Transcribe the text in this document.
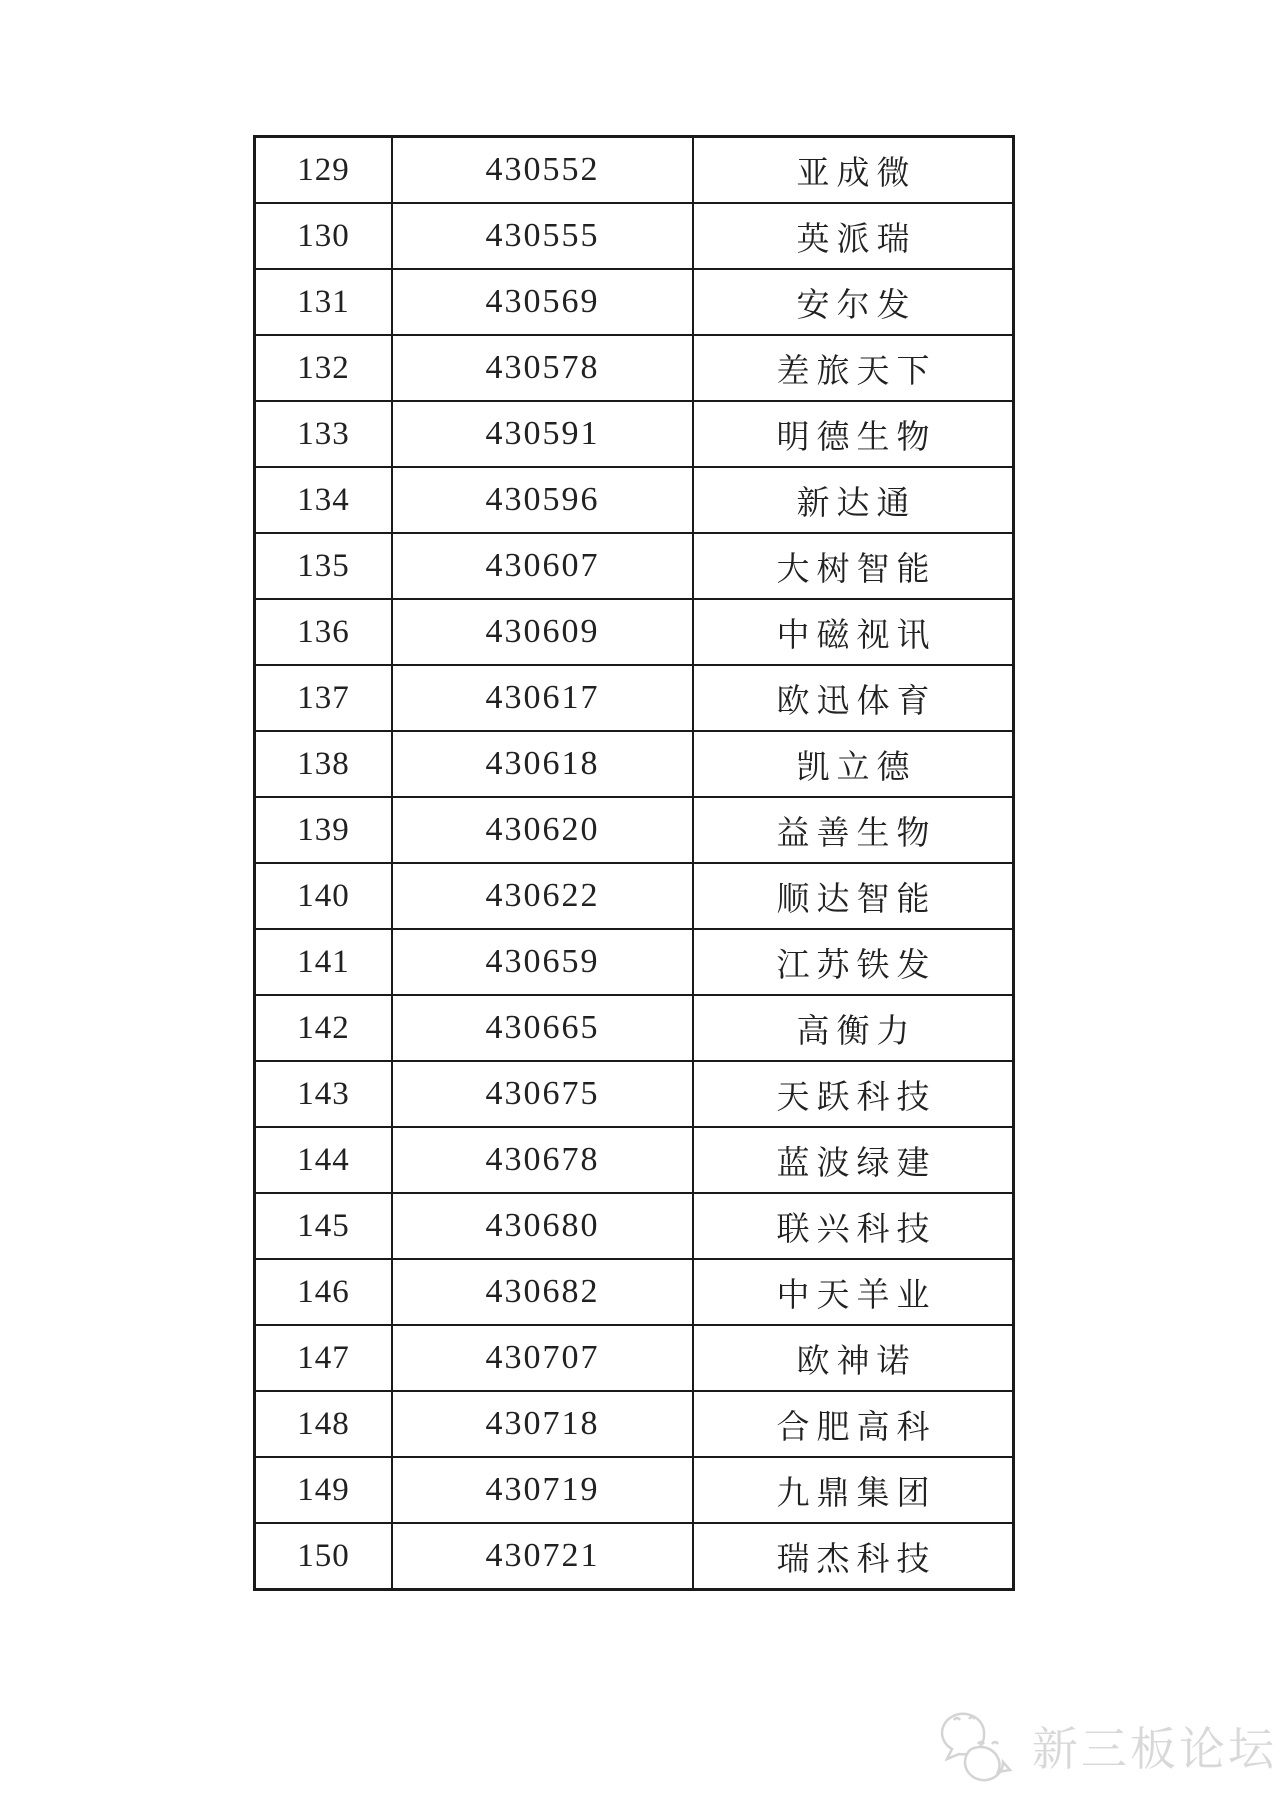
129	430552	亚成微
130	430555	英派瑞
131	430569	安尔发
132	430578	差旅天下
133	430591	明德生物
134	430596	新达通
135	430607	大树智能
136	430609	中磁视讯
137	430617	欧迅体育
138	430618	凯立德
139	430620	益善生物
140	430622	顺达智能
141	430659	江苏铁发
142	430665	高衡力
143	430675	天跃科技
144	430678	蓝波绿建
145	430680	联兴科技
146	430682	中天羊业
147	430707	欧神诺
148	430718	合肥高科
149	430719	九鼎集团
150	430721	瑞杰科技
新三板论坛
